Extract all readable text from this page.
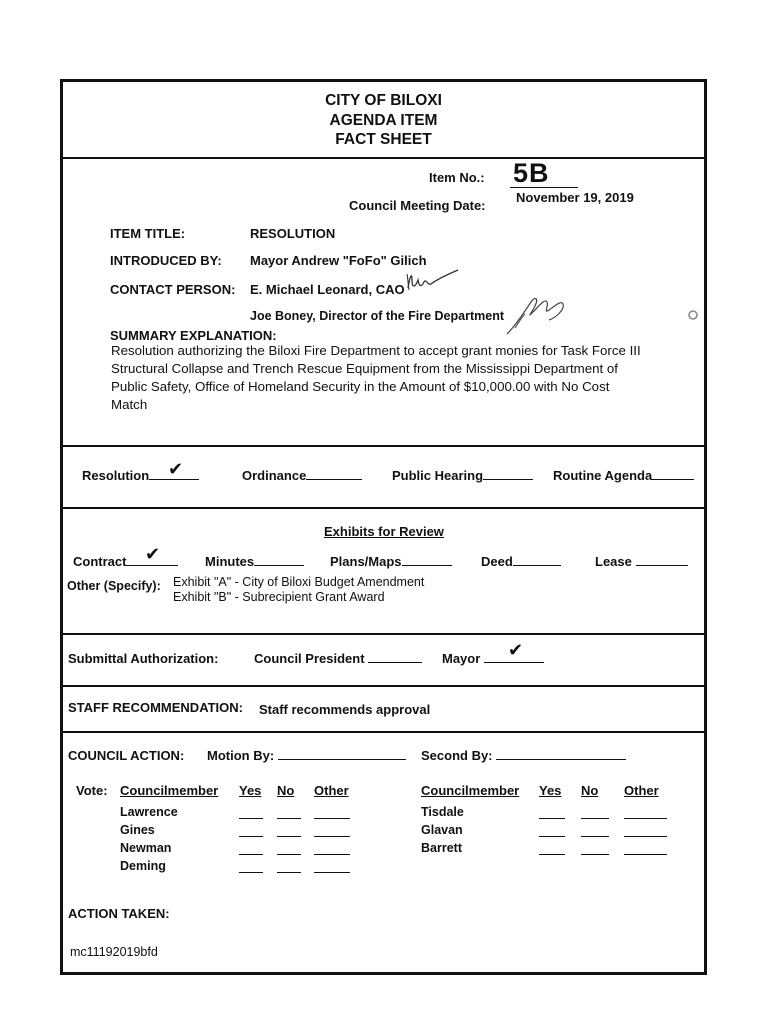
CITY OF BILOXI
AGENDA ITEM
FACT SHEET
Item No.: 5B
Council Meeting Date:
November 19, 2019
ITEM TITLE:	RESOLUTION
INTRODUCED BY: Mayor Andrew "FoFo" Gilich
CONTACT PERSON: E. Michael Leonard, CAO
Joe Boney, Director of the Fire Department
SUMMARY EXPLANATION:
Resolution authorizing the Biloxi Fire Department to accept grant monies for Task Force III
Structural Collapse and Trench Rescue Equipment from the Mississippi Department of
Public Safety, Office of Homeland Security in the Amount of $10,000.00 with No Cost
Match
Resolution	✔	Ordinance	Public Hearing	Routine Agenda
Exhibits for Review
Contract	✔	Minutes	Plans/Maps	Deed	Lease
Other (Specify): Exhibit "A" - City of Biloxi Budget Amendment
Exhibit "B" - Subrecipient Grant Award
Submittal Authorization:	Council President	Mayor	✔
STAFF RECOMMENDATION: Staff recommends approval
COUNCIL ACTION: Motion By:	Second By:
Vote: Councilmember Yes No Other
Lawrence
Gines
Newman
Deming
Councilmember Yes No Other
Tisdale
Glavan
Barrett
ACTION TAKEN:
mc11192019bfd
